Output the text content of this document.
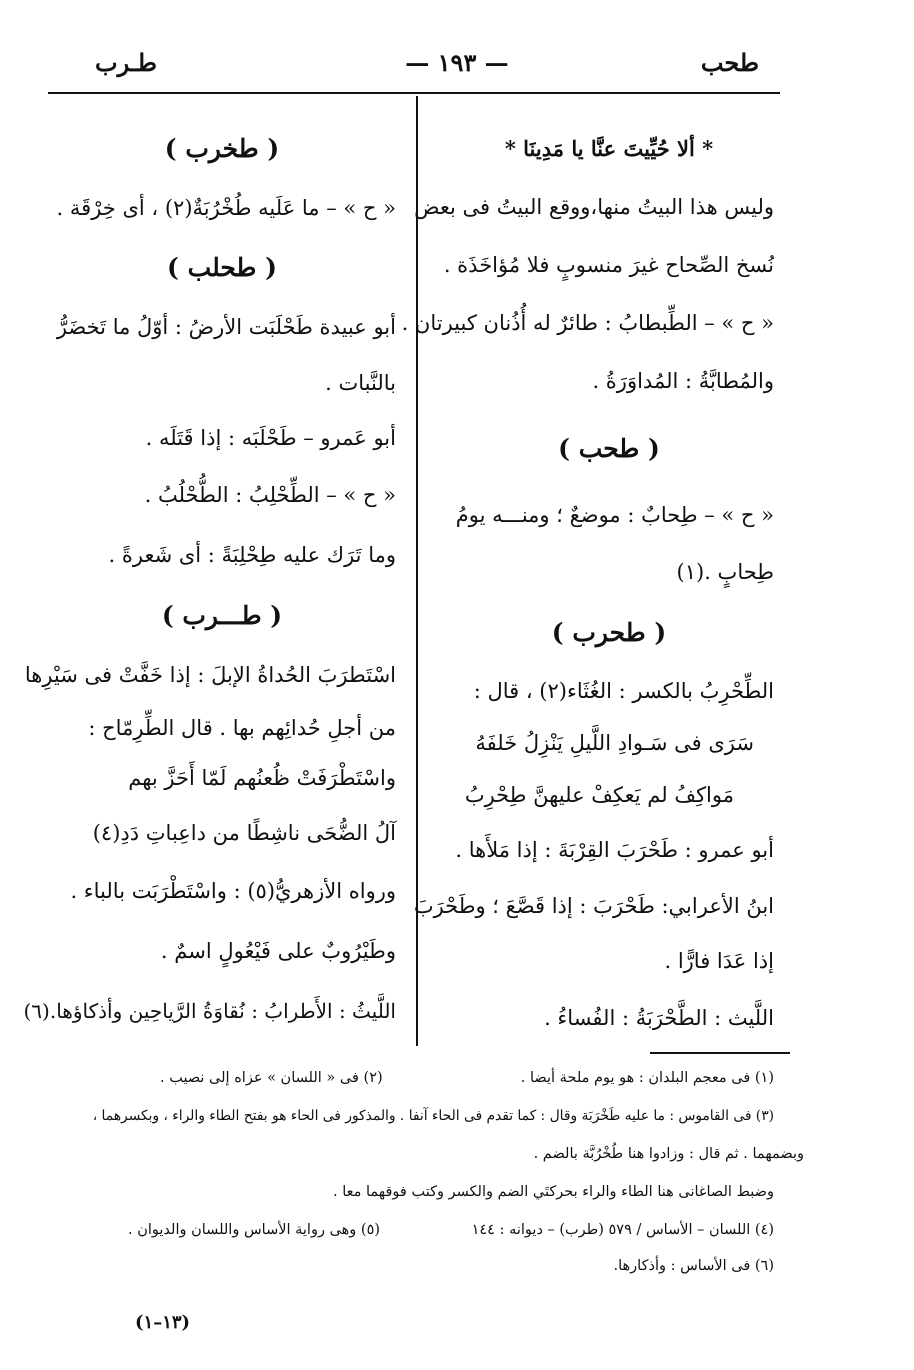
طحب
— ١٩٣ —
طـرب

* ألا حُيِّيتَ عنَّا يا مَدِينَا *

وليس هذا البيتُ منها،ووقع البيتُ فى بعض

نُسخ الصِّحاح غيرَ منسوبٍ فلا مُؤاخَذَة .

« ح » – الطِّبطابُ : طائرٌ له أُذُنان كبيرتان .

والمُطابَّةُ : المُداوَرَةُ .

( طحب )

« ح » – طِحابٌ : موضعٌ ؛ ومنـــه يومُ

طِحابٍ .(١)

( طحرب )

الطِّحْرِبُ بالكسر : الغُثَاء(٢) ، قال :

سَرَى فى سَـوادِ اللَّيلِ يَنْزِلُ خَلفَهُ

مَواكِفُ لم يَعكِفْ عليهنَّ طِحْرِبُ

أبو عمرو : طَحْرَبَ القِرْبَةَ : إذا مَلأَها .

ابنُ الأعرابي: طَحْرَبَ : إذا قَصَّعَ ؛ وطَحْرَبَ

إذا عَدَا فارًّا .

اللَّيث : الطَّحْرَبَةُ : الفُساءُ .

( طخرب )

« ح » – ما عَلَيه طُخْرُبَةٌ(٢) ، أى خِرْقَة .

( طحلب )

أبو عبيدة طَحْلَبَت الأرضُ : أوّلُ ما تَخضَرُّ

بالنَّبات .

أبو عَمرو – طَحْلَبَه : إذا قَتَلَه .

« ح » – الطِّحْلِبُ : الطُّحْلُبُ .

وما تَرَك عليه طِحْلِبَةً : أى شَعرةً .

( طـــرب )

اسْتَطرَبَ الحُداةُ الإبلَ : إذا خَفَّتْ فى سَيْرِها

من أجلِ حُدائِهم بها . قال الطِّرِمّاح :

واسْتَطْرَفَتْ ظُعنُهم لَمّا أَحَزَّ بهم

آلُ الضُّحَى ناشِطًا من داعِباتِ دَدِ(٤)

ورواه الأزهريُّ(٥) : واسْتَطْرَبَت بالباء .

وطَيْرُوبٌ على فَيْعُولٍ اسمٌ .

اللَّيثُ : الأَطرابُ : نُقاوَةُ الرَّياحِين وأذكاؤها.(٦)

(١) فى معجم البلدان : هو يوم ملحة أيضا .
(٢) فى « اللسان » عزاه إلى نصيب .
(٣) فى القاموس : ما عليه طَخْرَبَة وقال : كما تقدم فى الحاء آنفا . والمذكور فى الحاء هو بفتح الطاء والراء ، وبكسرهما ،
وبضمهما . ثم قال : وزادوا هنا طُخْرُبَّة بالضم .
وضبط الصاغانى هنا الطاء والراء بحركتَي الضم والكسر وكتب فوقهما معا .
(٤) اللسان – الأساس / ٥٧٩ (طرب) – ديوانه : ١٤٤
(٥) وهى رواية الأساس واللسان والديوان .
(٦) فى الأساس : وأذكارها.
(١٣–١)
